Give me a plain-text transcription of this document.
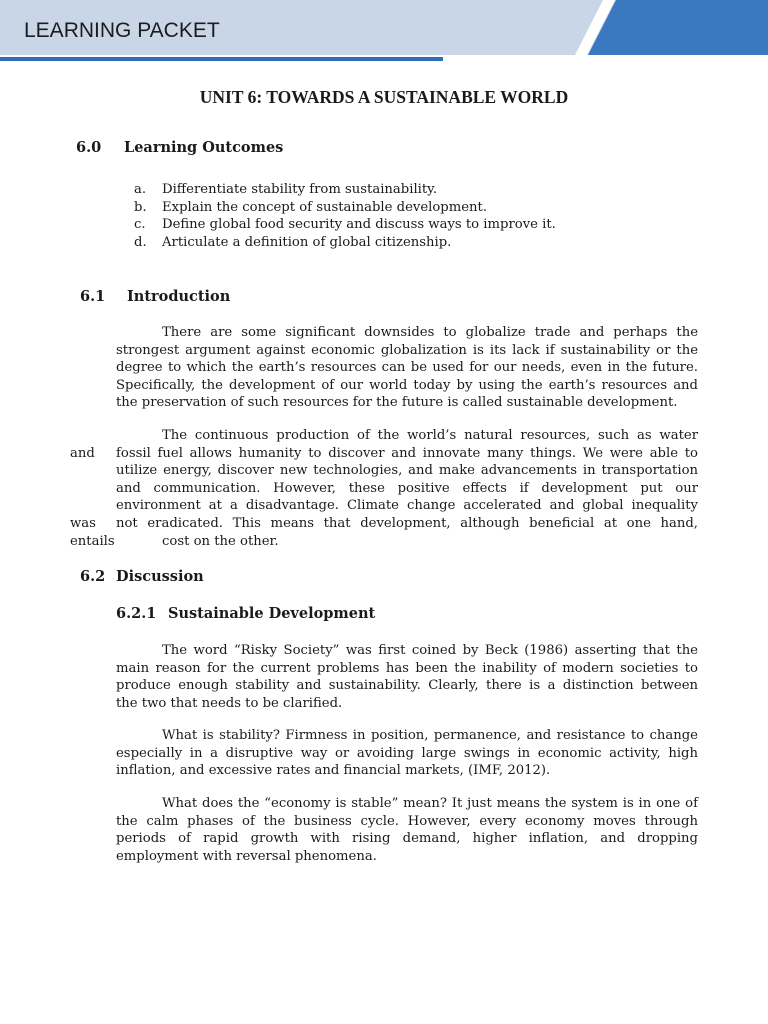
LEARNING PACKET
UNIT 6: TOWARDS A SUSTAINABLE WORLD
6.0 Learning Outcomes
a. Differentiate stability from sustainability.
b. Explain the concept of sustainable development.
c. Define global food security and discuss ways to improve it.
d. Articulate a definition of global citizenship.
6.1 Introduction
There are some significant downsides to globalize trade and perhaps the
strongest argument against economic globalization is its lack if sustainability or the
degree to which the earth’s resources can be used for our needs, even in the future.
Specifically, the development of our world today by using the earth’s resources and
the preservation of such resources for the future is called sustainable development.
and
was
entails
The continuous production of the world’s natural resources, such as water
fossil fuel allows humanity to discover and innovate many things. We were able to
utilize energy, discover new technologies, and make advancements in transportation
and communication. However, these positive effects if development put our
environment at a disadvantage. Climate change accelerated and global inequality
not eradicated. This means that development, although beneficial at one hand,
cost on the other.
6.2 Discussion
6.2.1 Sustainable Development
The word “Risky Society” was first coined by Beck (1986) asserting that the
main reason for the current problems has been the inability of modern societies to
produce enough stability and sustainability. Clearly, there is a distinction between
the two that needs to be clarified.
What is stability? Firmness in position, permanence, and resistance to change
especially in a disruptive way or avoiding large swings in economic activity, high
inflation, and excessive rates and financial markets, (IMF, 2012).
What does the “economy is stable” mean? It just means the system is in one of
the calm phases of the business cycle. However, every economy moves through
periods of rapid growth with rising demand, higher inflation, and dropping
employment with reversal phenomena.
